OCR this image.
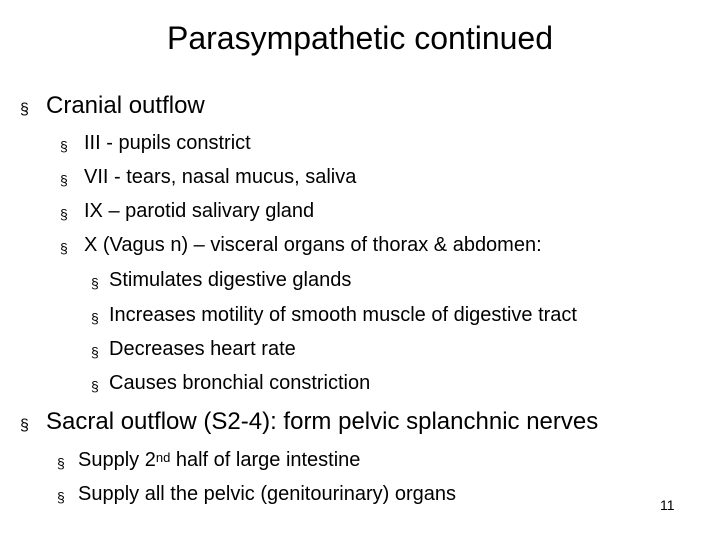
Parasympathetic continued
§ Cranial outflow
§ III - pupils constrict
§ VII - tears, nasal mucus, saliva
§ IX – parotid salivary gland
§ X (Vagus n) – visceral organs of thorax & abdomen:
§ Stimulates digestive glands
§ Increases motility of smooth muscle of digestive tract
§ Decreases heart rate
§ Causes bronchial constriction
§ Sacral outflow (S2-4): form pelvic splanchnic nerves
§ Supply 2nd half of large intestine
§ Supply all the pelvic (genitourinary) organs	11
